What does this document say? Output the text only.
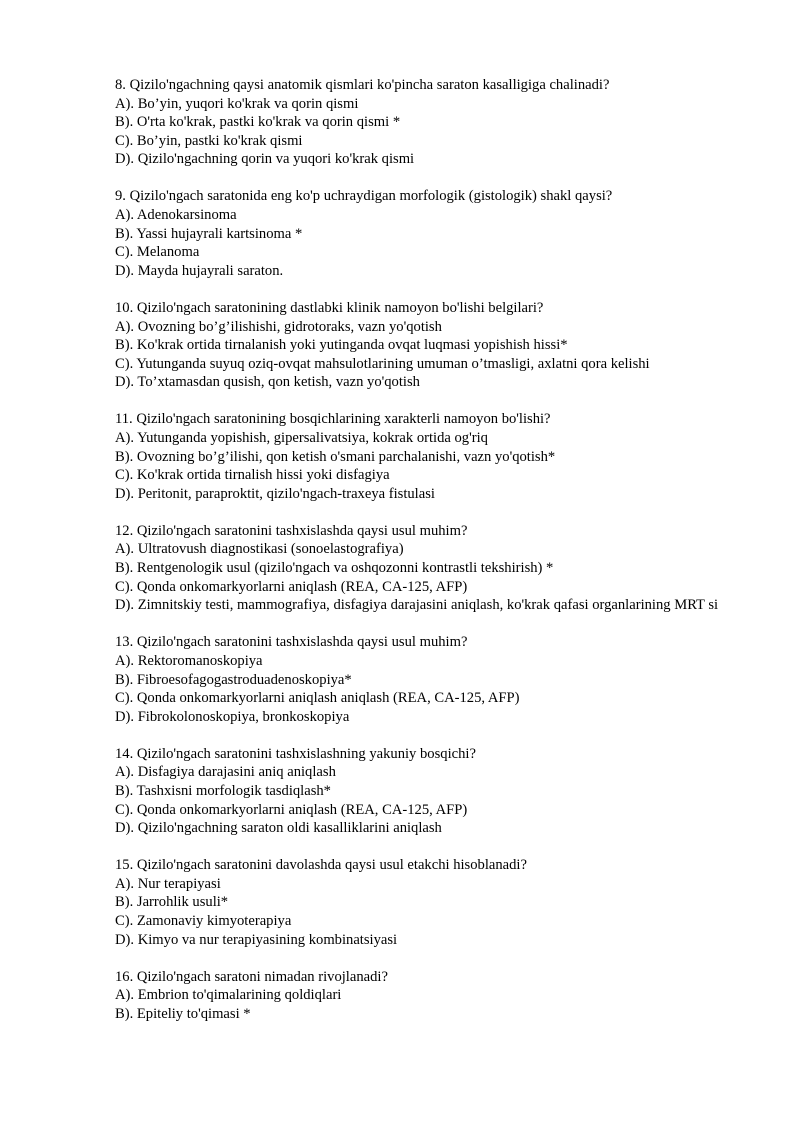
8. Qizilo'ngachning qaysi anatomik qismlari ko'pincha saraton kasalligiga chalinadi?
A). Bo’yin, yuqori ko'krak va qorin qismi
B). O'rta ko'krak, pastki ko'krak va qorin qismi *
C). Bo’yin, pastki ko'krak qismi
D). Qizilo'ngachning qorin va yuqori ko'krak qismi
9. Qizilo'ngach saratonida eng ko'p uchraydigan morfologik (gistologik) shakl qaysi?
A). Adenokarsinoma
B). Yassi hujayrali kartsinoma *
C). Melanoma
D). Mayda hujayrali saraton.
10. Qizilo'ngach saratonining dastlabki klinik namoyon bo'lishi belgilari?
A). Ovozning bo’g’ilishishi, gidrotoraks, vazn yo'qotish
B). Ko'krak ortida tirnalanish yoki yutinganda ovqat luqmasi yopishish hissi*
C). Yutunganda suyuq oziq-ovqat mahsulotlarining umuman o’tmasligi, axlatni qora kelishi
D). To’xtamasdan qusish, qon ketish, vazn yo'qotish
11. Qizilo'ngach saratonining bosqichlarining xarakterli namoyon bo'lishi?
A). Yutunganda yopishish, gipersalivatsiya, kokrak ortida og'riq
B). Ovozning bo’g’ilishi, qon ketish o'smani parchalanishi, vazn yo'qotish*
C). Ko'krak ortida tirnalish hissi yoki disfagiya
D). Peritonit, paraproktit, qizilo'ngach-traxeya fistulasi
12. Qizilo'ngach saratonini tashxislashda qaysi usul muhim?
A). Ultratovush diagnostikasi (sonoelastografiya)
B). Rentgenologik usul (qizilo'ngach va oshqozonni kontrastli tekshirish) *
C). Qonda onkomarkyorlarni aniqlash (REA, CA-125, AFP)
D). Zimnitskiy testi, mammografiya, disfagiya darajasini aniqlash, ko'krak qafasi organlarining MRT si
13. Qizilo'ngach saratonini tashxislashda qaysi usul muhim?
A). Rektoromanoskopiya
B). Fibroesofagogastroduadenoskopiya*
C). Qonda onkomarkyorlarni aniqlash aniqlash (REA, CA-125, AFP)
D). Fibrokolonoskopiya, bronkoskopiya
14. Qizilo'ngach saratonini tashxislashning yakuniy bosqichi?
A). Disfagiya darajasini aniq aniqlash
B). Tashxisni morfologik tasdiqlash*
C). Qonda onkomarkyorlarni aniqlash (REA, CA-125, AFP)
D). Qizilo'ngachning saraton oldi kasalliklarini aniqlash
15. Qizilo'ngach saratonini davolashda qaysi usul etakchi hisoblanadi?
A). Nur terapiyasi
B). Jarrohlik usuli*
C). Zamonaviy kimyoterapiya
D). Kimyo va nur terapiyasining kombinatsiyasi
16. Qizilo'ngach saratoni nimadan rivojlanadi?
A). Embrion to'qimalarining qoldiqlari
B). Epiteliy to'qimasi *
